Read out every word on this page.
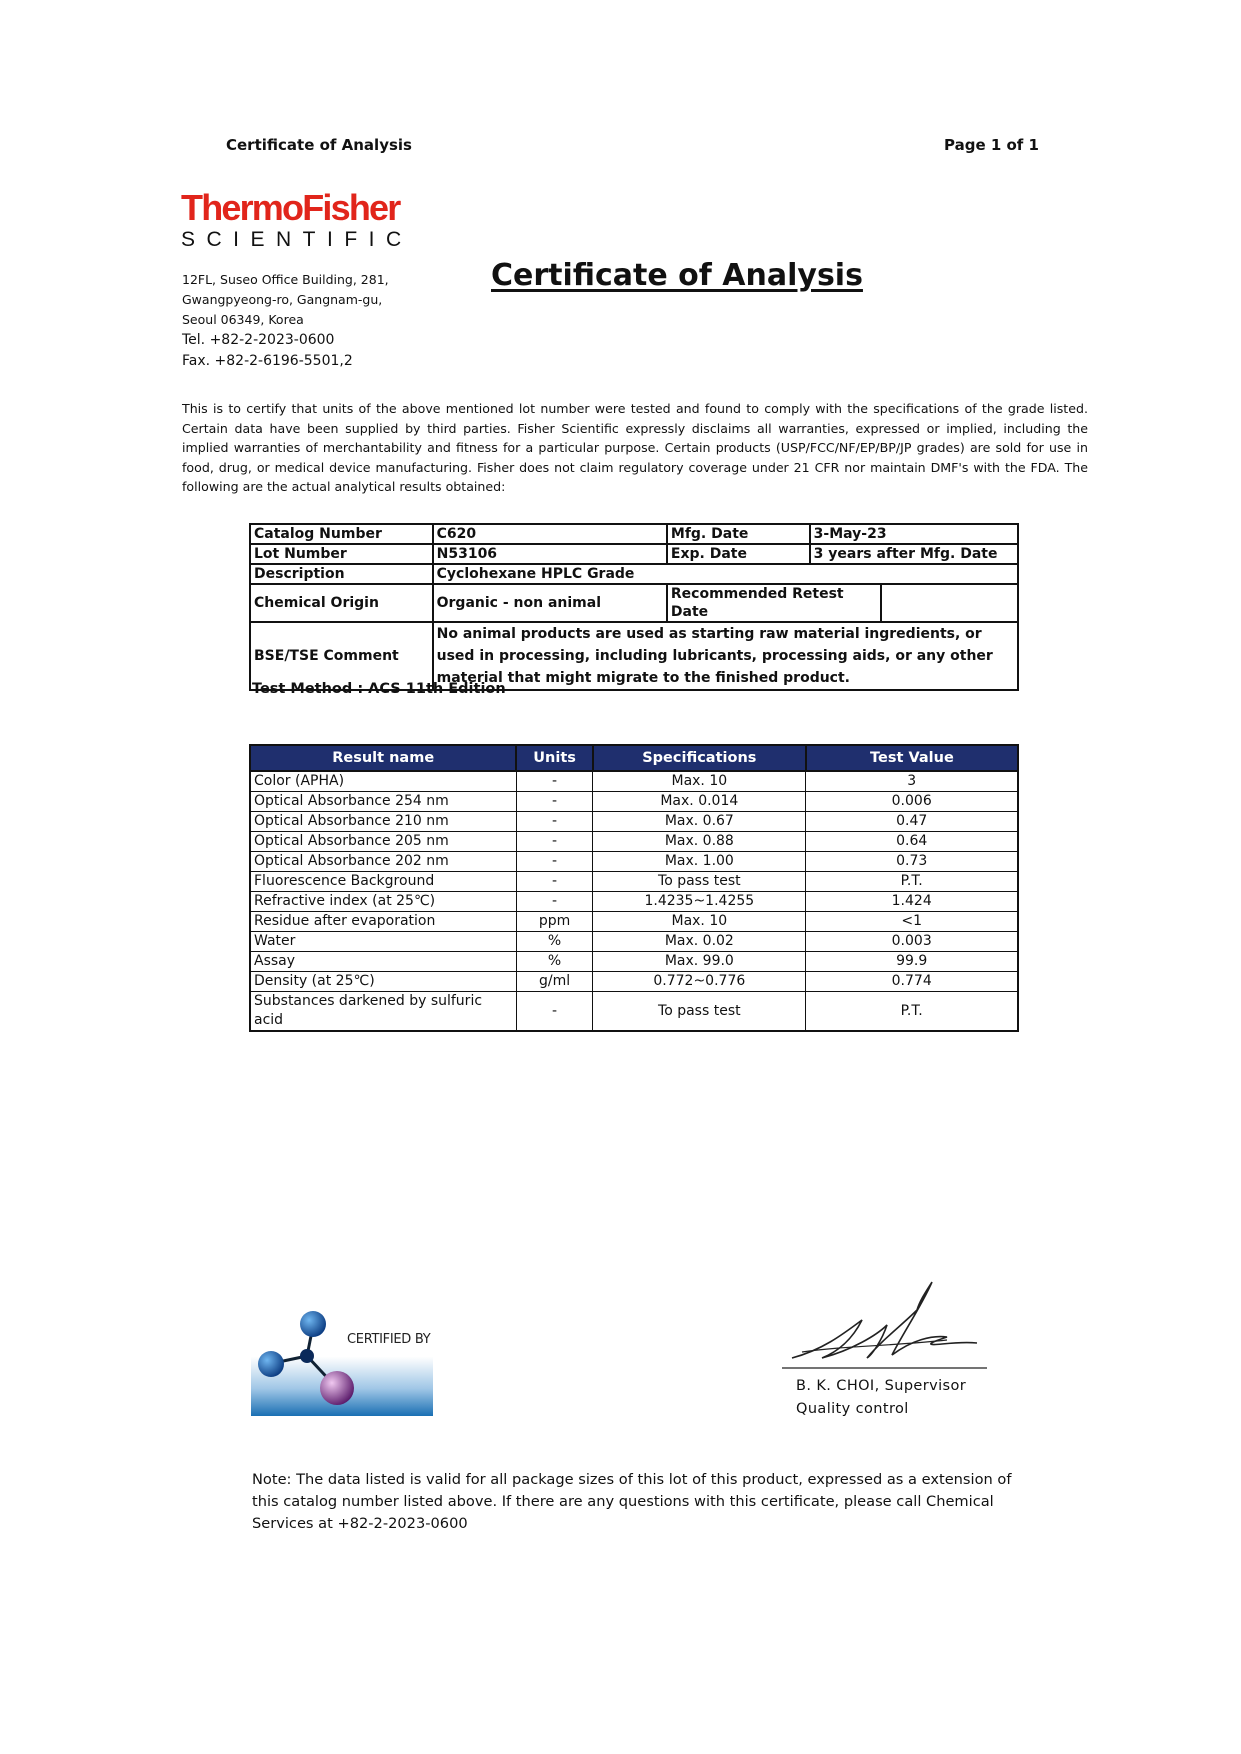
Certificate of Analysis	Page 1 of 1
ThermoFisher
SCIENTIFIC
12FL, Suseo Office Building, 281,
Gwangpyeong-ro, Gangnam-gu,
Seoul 06349, Korea
Tel. +82-2-2023-0600
Fax. +82-2-6196-5501,2
Certificate of Analysis
This is to certify that units of the above mentioned lot number were tested and found to comply with the specifications of the grade listed. Certain data have been supplied by third parties. Fisher Scientific expressly disclaims all warranties, expressed or implied, including the implied warranties of merchantability and fitness for a particular purpose. Certain products (USP/FCC/NF/EP/BP/JP grades) are sold for use in food, drug, or medical device manufacturing. Fisher does not claim regulatory coverage under 21 CFR nor maintain DMF's with the FDA. The following are the actual analytical results obtained:
Catalog Number	C620	Mfg. Date	3-May-23	
Lot Number	N53106	Exp. Date	3 years after Mfg. Date	
Description	Cyclohexane HPLC Grade			
Chemical Origin	Organic - non animal	Recommended Retest Date		
BSE/TSE Comment	No animal products are used as starting raw material ingredients, or used in processing, including lubricants, processing aids, or any other material that might migrate to the finished product.			
Test Method : ACS 11th Edition
Result name	Units	Specifications	Test Value
Color (APHA)	-	Max. 10	3
Optical Absorbance 254 nm	-	Max. 0.014	0.006
Optical Absorbance 210 nm	-	Max. 0.67	0.47
Optical Absorbance 205 nm	-	Max. 0.88	0.64
Optical Absorbance 202 nm	-	Max. 1.00	0.73
Fluorescence Background	-	To pass test	P.T.
Refractive index (at 25℃)	-	1.4235~1.4255	1.424
Residue after evaporation	ppm	Max. 10	<1
Water	%	Max. 0.02	0.003
Assay	%	Max. 99.0	99.9
Density (at 25℃)	g/ml	0.772~0.776	0.774
Substances darkened by sulfuric acid	-	To pass test	P.T.
CERTIFIED BY
B. K. CHOI, Supervisor
Quality control
Note: The data listed is valid for all package sizes of this lot of this product, expressed as a extension of this catalog number listed above. If there are any questions with this certificate, please call Chemical Services at +82-2-2023-0600
